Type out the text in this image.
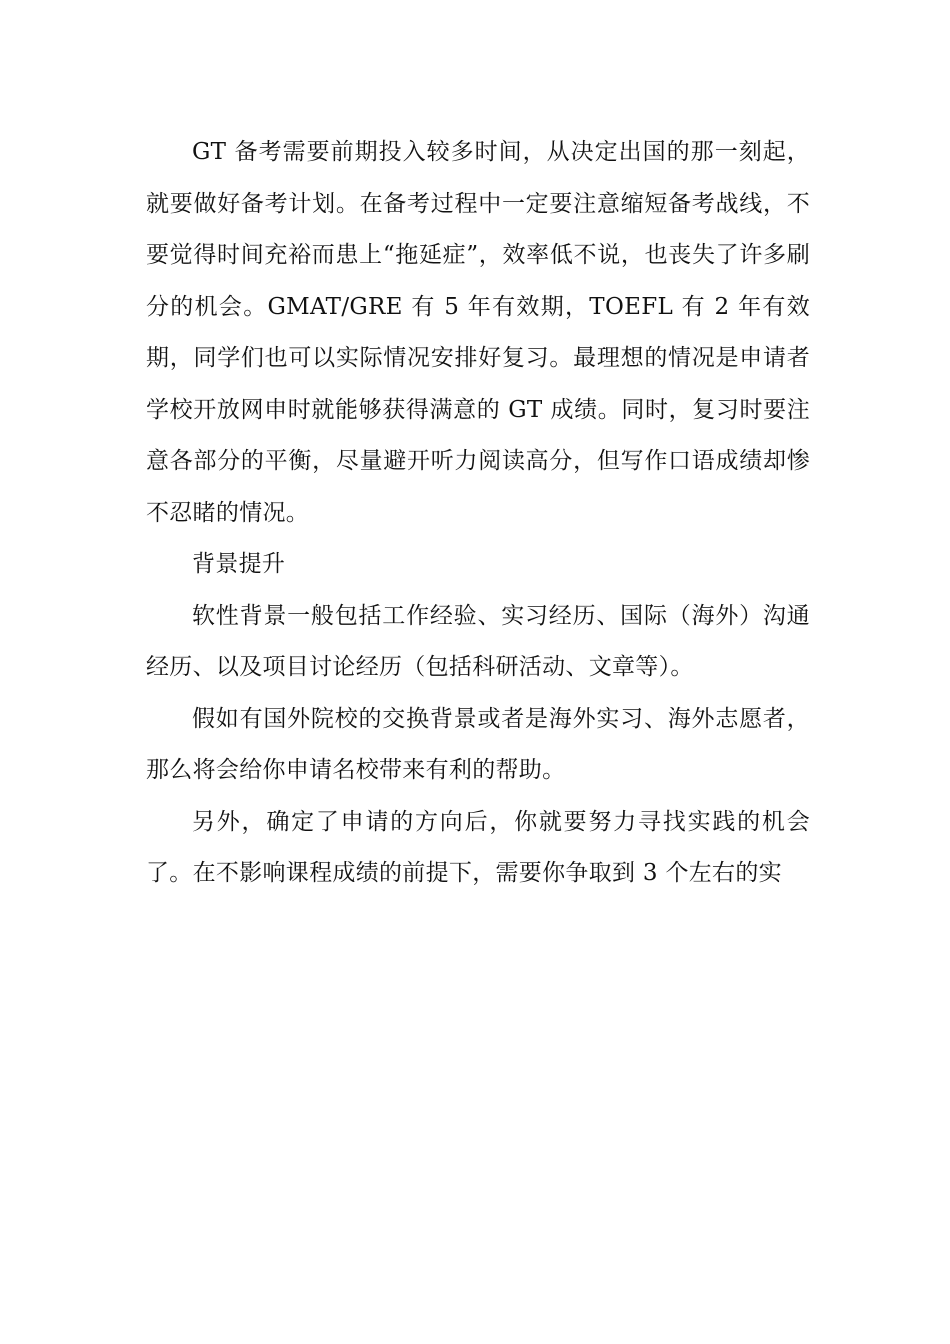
GT 备考需要前期投入较多时间，从决定出国的那一刻起，就要做好备考计划。在备考过程中一定要注意缩短备考战线，不要觉得时间充裕而患上“拖延症”，效率低不说，也丧失了许多刷分的机会。GMAT/GRE 有 5 年有效期，TOEFL 有 2 年有效期，同学们也可以实际情况安排好复习。最理想的情况是申请者学校开放网申时就能够获得满意的 GT 成绩。同时，复习时要注意各部分的平衡，尽量避开听力阅读高分，但写作口语成绩却惨不忍睹的情况。

背景提升

软性背景一般包括工作经验、实习经历、国际（海外）沟通经历、以及项目讨论经历（包括科研活动、文章等）。

假如有国外院校的交换背景或者是海外实习、海外志愿者，那么将会给你申请名校带来有利的帮助。

另外，确定了申请的方向后，你就要努力寻找实践的机会了。在不影响课程成绩的前提下，需要你争取到 3 个左右的实
